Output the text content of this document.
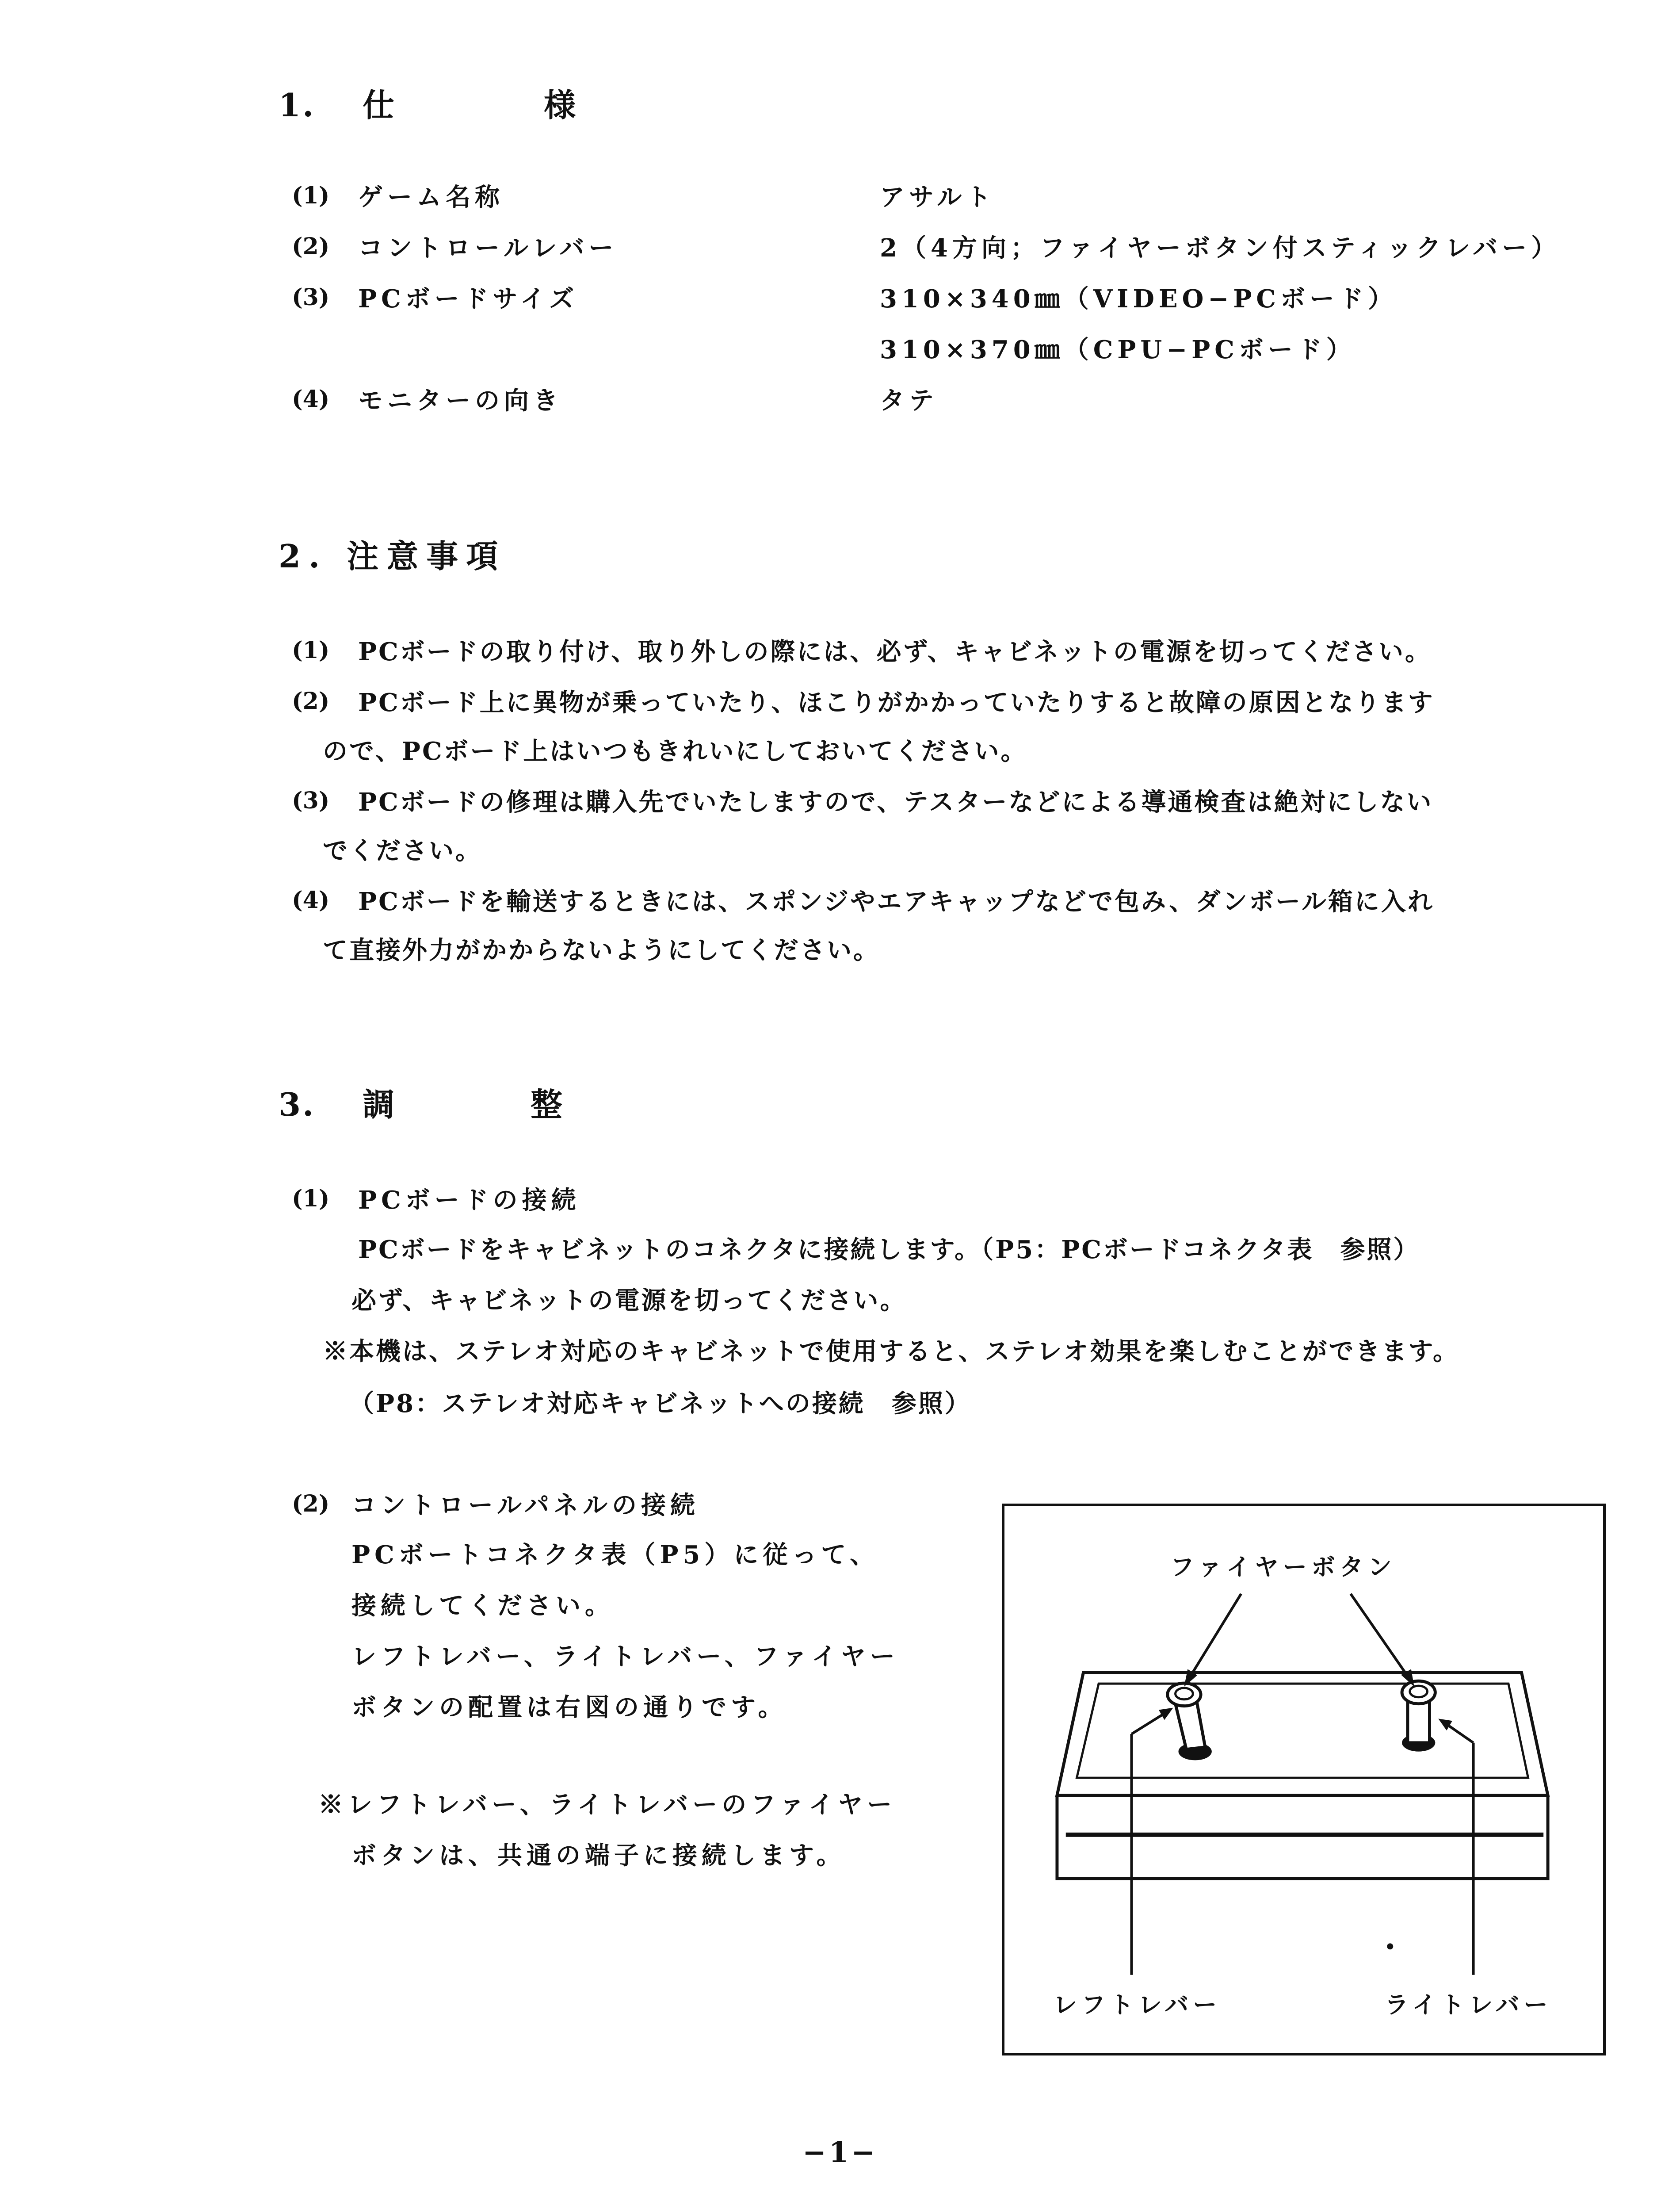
1. 仕	様
(1) ゲーム名称	アサルト
(2) コントロールレバー	2（4方向；ファイヤーボタン付スティックレバー）
(3) PCボードサイズ	310×340㎜（VIDEO−PCボード）
310×370㎜（CPU−PCボード）
(4) モニターの向き	タテ
2. 注意事項
(1) PCボードの取り付け、取り外しの際には、必ず、キャビネットの電源を切ってください。
(2) PCボード上に異物が乗っていたり、ほこりがかかっていたりすると故障の原因となります
ので、PCボード上はいつもきれいにしておいてください。
(3) PCボードの修理は購入先でいたしますので、テスターなどによる導通検査は絶対にしない
でください。
(4) PCボードを輸送するときには、スポンジやエアキャップなどで包み、ダンボール箱に入れ
て直接外力がかからないようにしてください。
3. 調	整
(1) PCボードの接続
PCボードをキャビネットのコネクタに接続します。（P5：PCボードコネクタ表　参照）
必ず、キャビネットの電源を切ってください。
※本機は、ステレオ対応のキャビネットで使用すると、ステレオ効果を楽しむことができます。
（P8：ステレオ対応キャビネットへの接続　参照）
(2) コントロールパネルの接続
PCボートコネクタ表（P5）に従って、
接続してください。
レフトレバー、ライトレバー、ファイヤー
ボタンの配置は右図の通りです。
※レフトレバー、ライトレバーのファイヤー
ボタンは、共通の端子に接続します。
ファイヤーボタン
レフトレバー	ライトレバー
−1−
